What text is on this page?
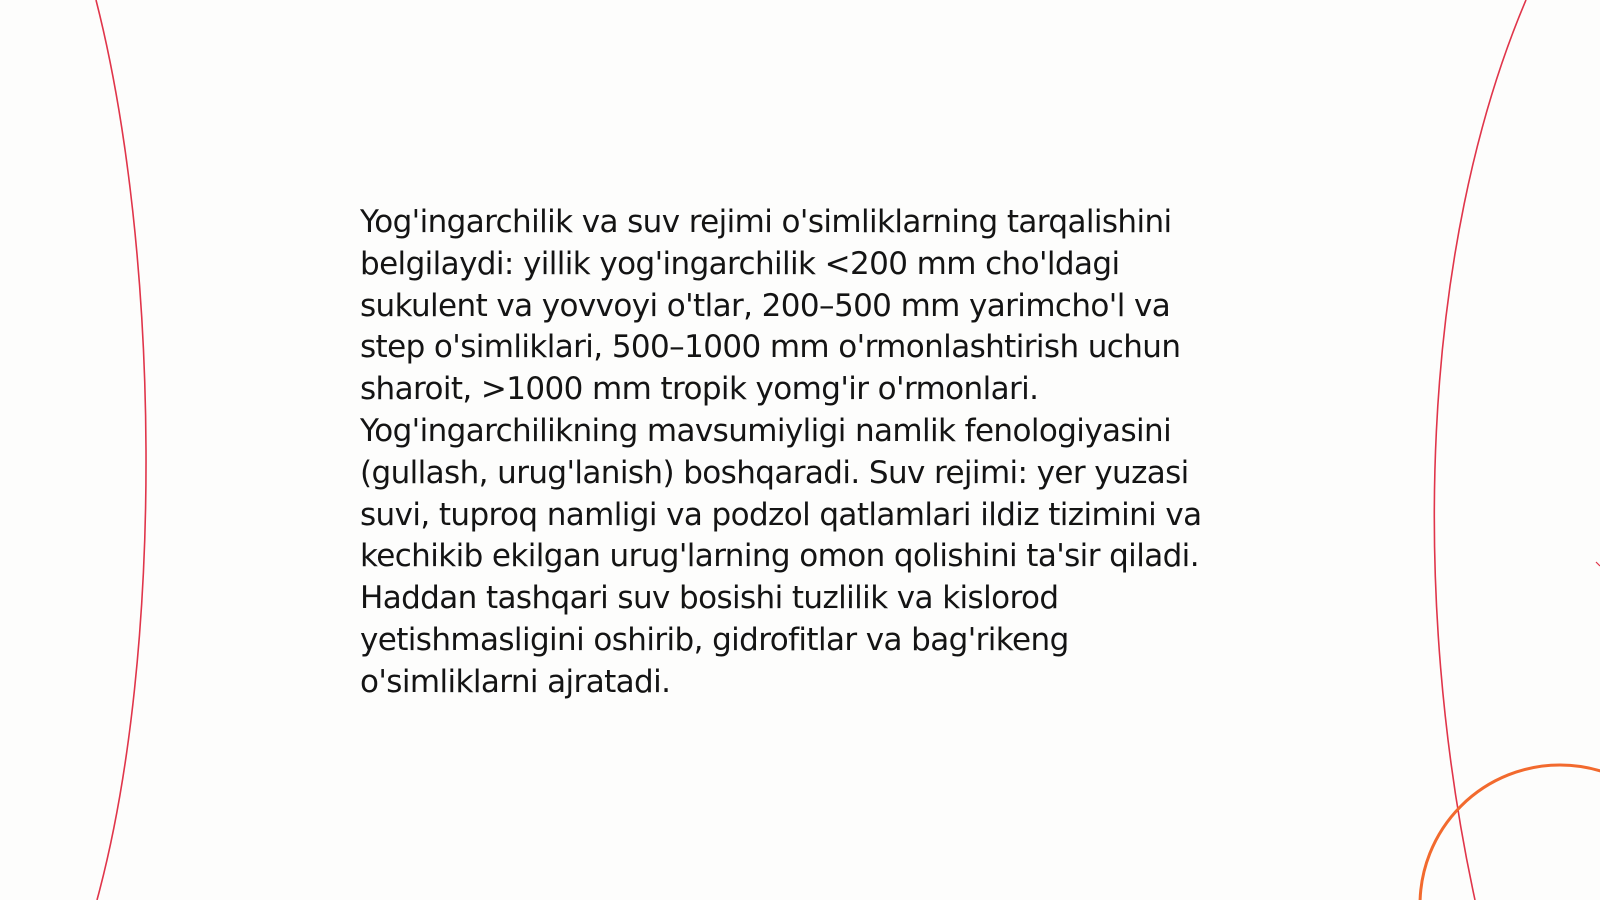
Yog'ingarchilik va suv rejimi o'simliklarning tarqalishini belgilaydi: yillik yog'ingarchilik <200 mm cho'ldagi sukulent va yovvoyi o'tlar, 200–500 mm yarimcho'l va step o'simliklari, 500–1000 mm o'rmonlashtirish uchun sharoit, >1000 mm tropik yomg'ir o'rmonlari. Yog'ingarchilikning mavsumiyligi namlik fenologiyasini (gullash, urug'lanish) boshqaradi. Suv rejimi: yer yuzasi suvi, tuproq namligi va podzol qatlamlari ildiz tizimini va kechikib ekilgan urug'larning omon qolishini ta'sir qiladi. Haddan tashqari suv bosishi tuzlilik va kislorod yetishmasligini oshirib, gidrofitlar va bag'rikeng o'simliklarni ajratadi.
